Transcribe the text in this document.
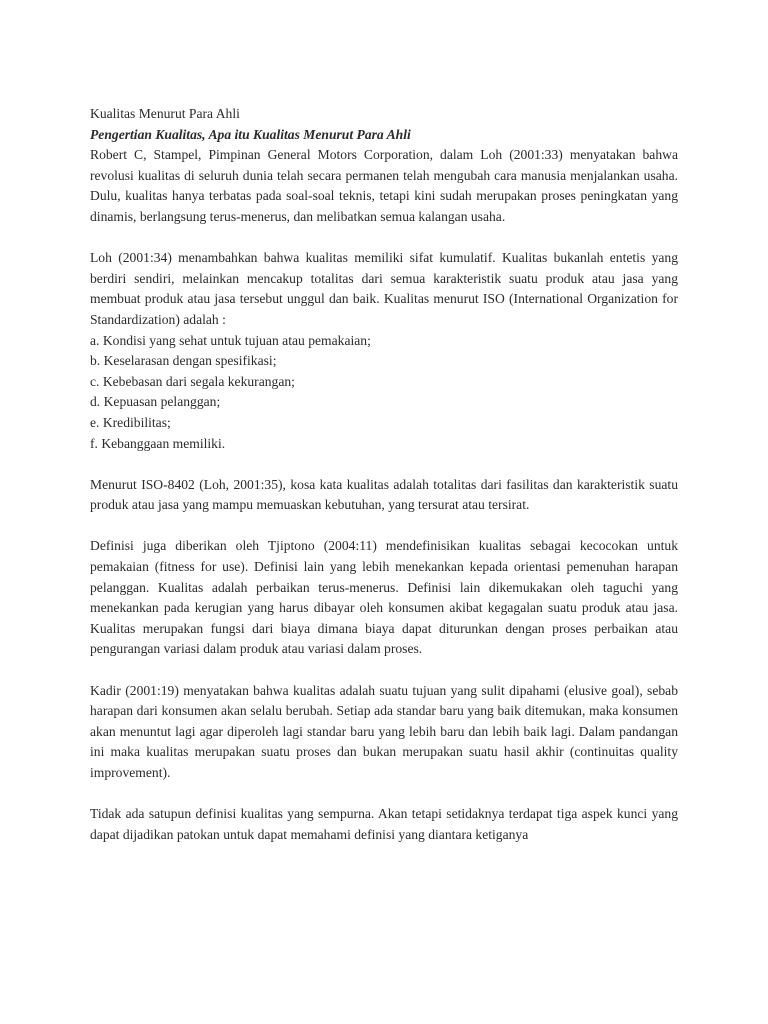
Kualitas Menurut Para Ahli

Pengertian Kualitas, Apa itu Kualitas Menurut Para Ahli

Robert C, Stampel, Pimpinan General Motors Corporation, dalam Loh (2001:33) menyatakan bahwa revolusi kualitas di seluruh dunia telah secara permanen telah mengubah cara manusia menjalankan usaha. Dulu, kualitas hanya terbatas pada soal-soal teknis, tetapi kini sudah merupakan proses peningkatan yang dinamis, berlangsung terus-menerus, dan melibatkan semua kalangan usaha.

Loh (2001:34) menambahkan bahwa kualitas memiliki sifat kumulatif. Kualitas bukanlah entetis yang berdiri sendiri, melainkan mencakup totalitas dari semua karakteristik suatu produk atau jasa yang membuat produk atau jasa tersebut unggul dan baik. Kualitas menurut ISO (International Organization for Standardization) adalah :

a. Kondisi yang sehat untuk tujuan atau pemakaian;
b. Keselarasan dengan spesifikasi;
c. Kebebasan dari segala kekurangan;
d. Kepuasan pelanggan;
e. Kredibilitas;
f. Kebanggaan memiliki.

Menurut ISO-8402 (Loh, 2001:35), kosa kata kualitas adalah totalitas dari fasilitas dan karakteristik suatu produk atau jasa yang mampu memuaskan kebutuhan, yang tersurat atau tersirat.

Definisi juga diberikan oleh Tjiptono (2004:11) mendefinisikan kualitas sebagai kecocokan untuk pemakaian (fitness for use). Definisi lain yang lebih menekankan kepada orientasi pemenuhan harapan pelanggan. Kualitas adalah perbaikan terus-menerus. Definisi lain dikemukakan oleh taguchi yang menekankan pada kerugian yang harus dibayar oleh konsumen akibat kegagalan suatu produk atau jasa. Kualitas merupakan fungsi dari biaya dimana biaya dapat diturunkan dengan proses perbaikan atau pengurangan variasi dalam produk atau variasi dalam proses.

Kadir (2001:19) menyatakan bahwa kualitas adalah suatu tujuan yang sulit dipahami (elusive goal), sebab harapan dari konsumen akan selalu berubah. Setiap ada standar baru yang baik ditemukan, maka konsumen akan menuntut lagi agar diperoleh lagi standar baru yang lebih baru dan lebih baik lagi. Dalam pandangan ini maka kualitas merupakan suatu proses dan bukan merupakan suatu hasil akhir (continuitas quality improvement).

Tidak ada satupun definisi kualitas yang sempurna. Akan tetapi setidaknya terdapat tiga aspek kunci yang dapat dijadikan patokan untuk dapat memahami definisi yang diantara ketiganya
